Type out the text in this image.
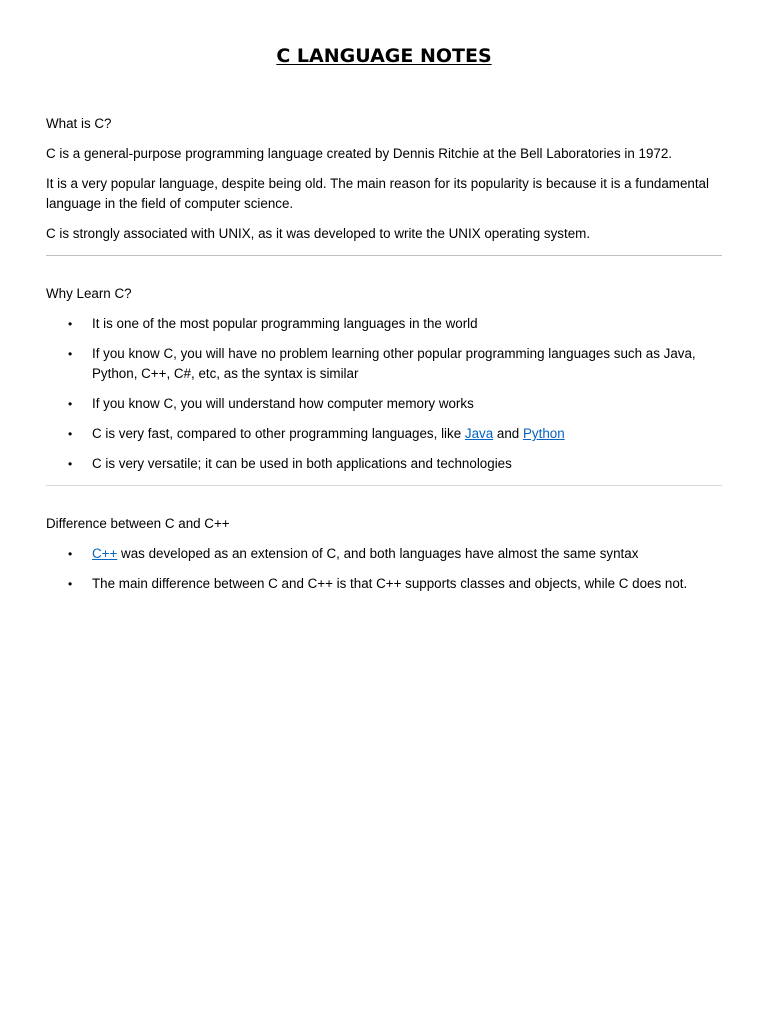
C LANGUAGE NOTES

What is C?

C is a general-purpose programming language created by Dennis Ritchie at the Bell Laboratories in 1972.

It is a very popular language, despite being old. The main reason for its popularity is because it is a fundamental language in the field of computer science.

C is strongly associated with UNIX, as it was developed to write the UNIX operating system.

Why Learn C?

• It is one of the most popular programming languages in the world
• If you know C, you will have no problem learning other popular programming languages such as Java, Python, C++, C#, etc, as the syntax is similar
• If you know C, you will understand how computer memory works
• C is very fast, compared to other programming languages, like Java and Python
• C is very versatile; it can be used in both applications and technologies

Difference between C and C++

• C++ was developed as an extension of C, and both languages have almost the same syntax
• The main difference between C and C++ is that C++ supports classes and objects, while C does not.
